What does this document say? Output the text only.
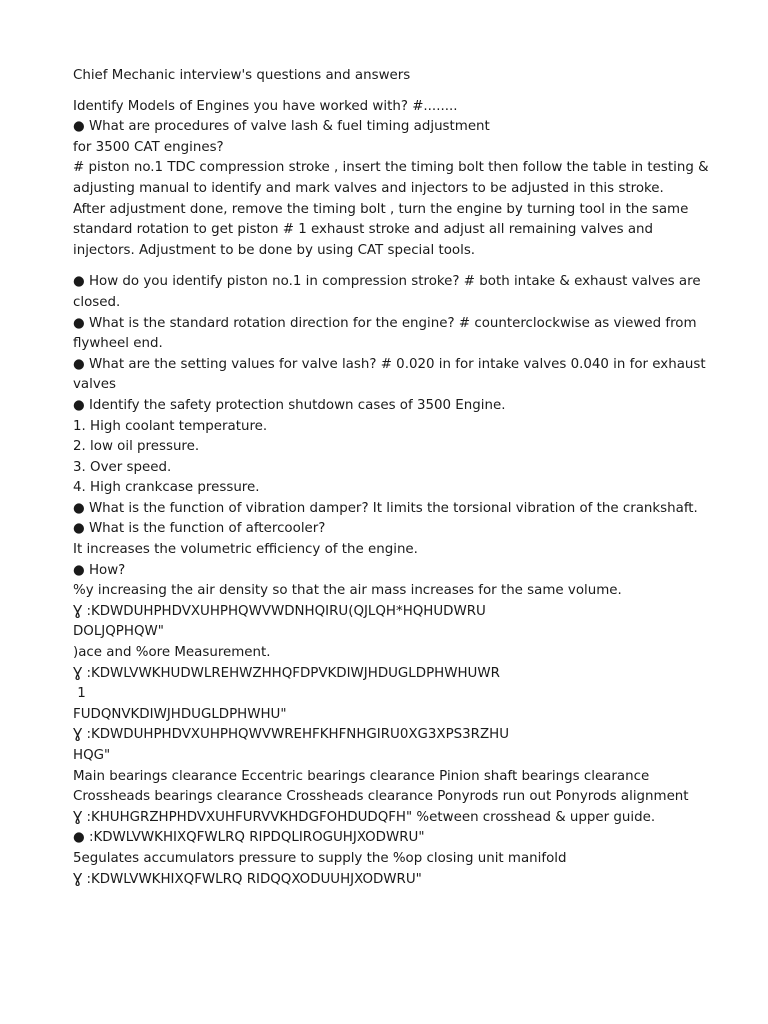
Chief Mechanic interview's questions and answers

Identify Models of Engines you have worked with? #........

● What are procedures of valve lash & fuel timing adjustment

for 3500 CAT engines?

# piston no.1 TDC compression stroke , insert the timing bolt then follow the table in testing & adjusting manual to identify and mark valves and injectors to be adjusted in this stroke.

After adjustment done, remove the timing bolt , turn the engine by turning tool in the same standard rotation to get piston # 1 exhaust stroke and adjust all remaining valves and injectors. Adjustment to be done by using CAT special tools.

● How do you identify piston no.1 in compression stroke? # both intake & exhaust valves are closed.

● What is the standard rotation direction for the engine? # counterclockwise as viewed from flywheel end.

● What are the setting values for valve lash? # 0.020 in for intake valves 0.040 in for exhaust valves

● Identify the safety protection shutdown cases of 3500 Engine.

1. High coolant temperature.

2. low oil pressure.

3. Over speed.

4. High crankcase pressure.

● What is the function of vibration damper? It limits the torsional vibration of the crankshaft.

● What is the function of aftercooler?

It increases the volumetric efficiency of the engine.

● How?

%y increasing the air density so that the air mass increases for the same volume.

Ɣ :KDWDUHPHDVXUHPHQWVWDNHQIRU(QJLQH*HQHUDWRU

DOLJQPHQW"

)ace and %ore Measurement.

Ɣ :KDWLVWKHUDWLREHWZHHQFDPVKDIWJHDUGLDPHWHUWR

1

FUDQNVKDIWJHDUGLDPHWHU"

Ɣ :KDWDUHPHDVXUHPHQWVWREHFKHFNHGIRU0XG3XPS3RZHU

HQG"

Main bearings clearance Eccentric bearings clearance Pinion shaft bearings clearance Crossheads bearings clearance Crossheads clearance Ponyrods run out Ponyrods alignment

Ɣ :KHUHGRZHPHDVXUHFURVVKHDGFOHDUDQFH" %etween crosshead & upper guide.

● :KDWLVWKHIXQFWLRQ RIPDQLIROGUHJXODWRU"

5egulates accumulators pressure to supply the %op closing unit manifold

Ɣ :KDWLVWKHIXQFWLRQ RIDQQXODUUHJXODWRU"
